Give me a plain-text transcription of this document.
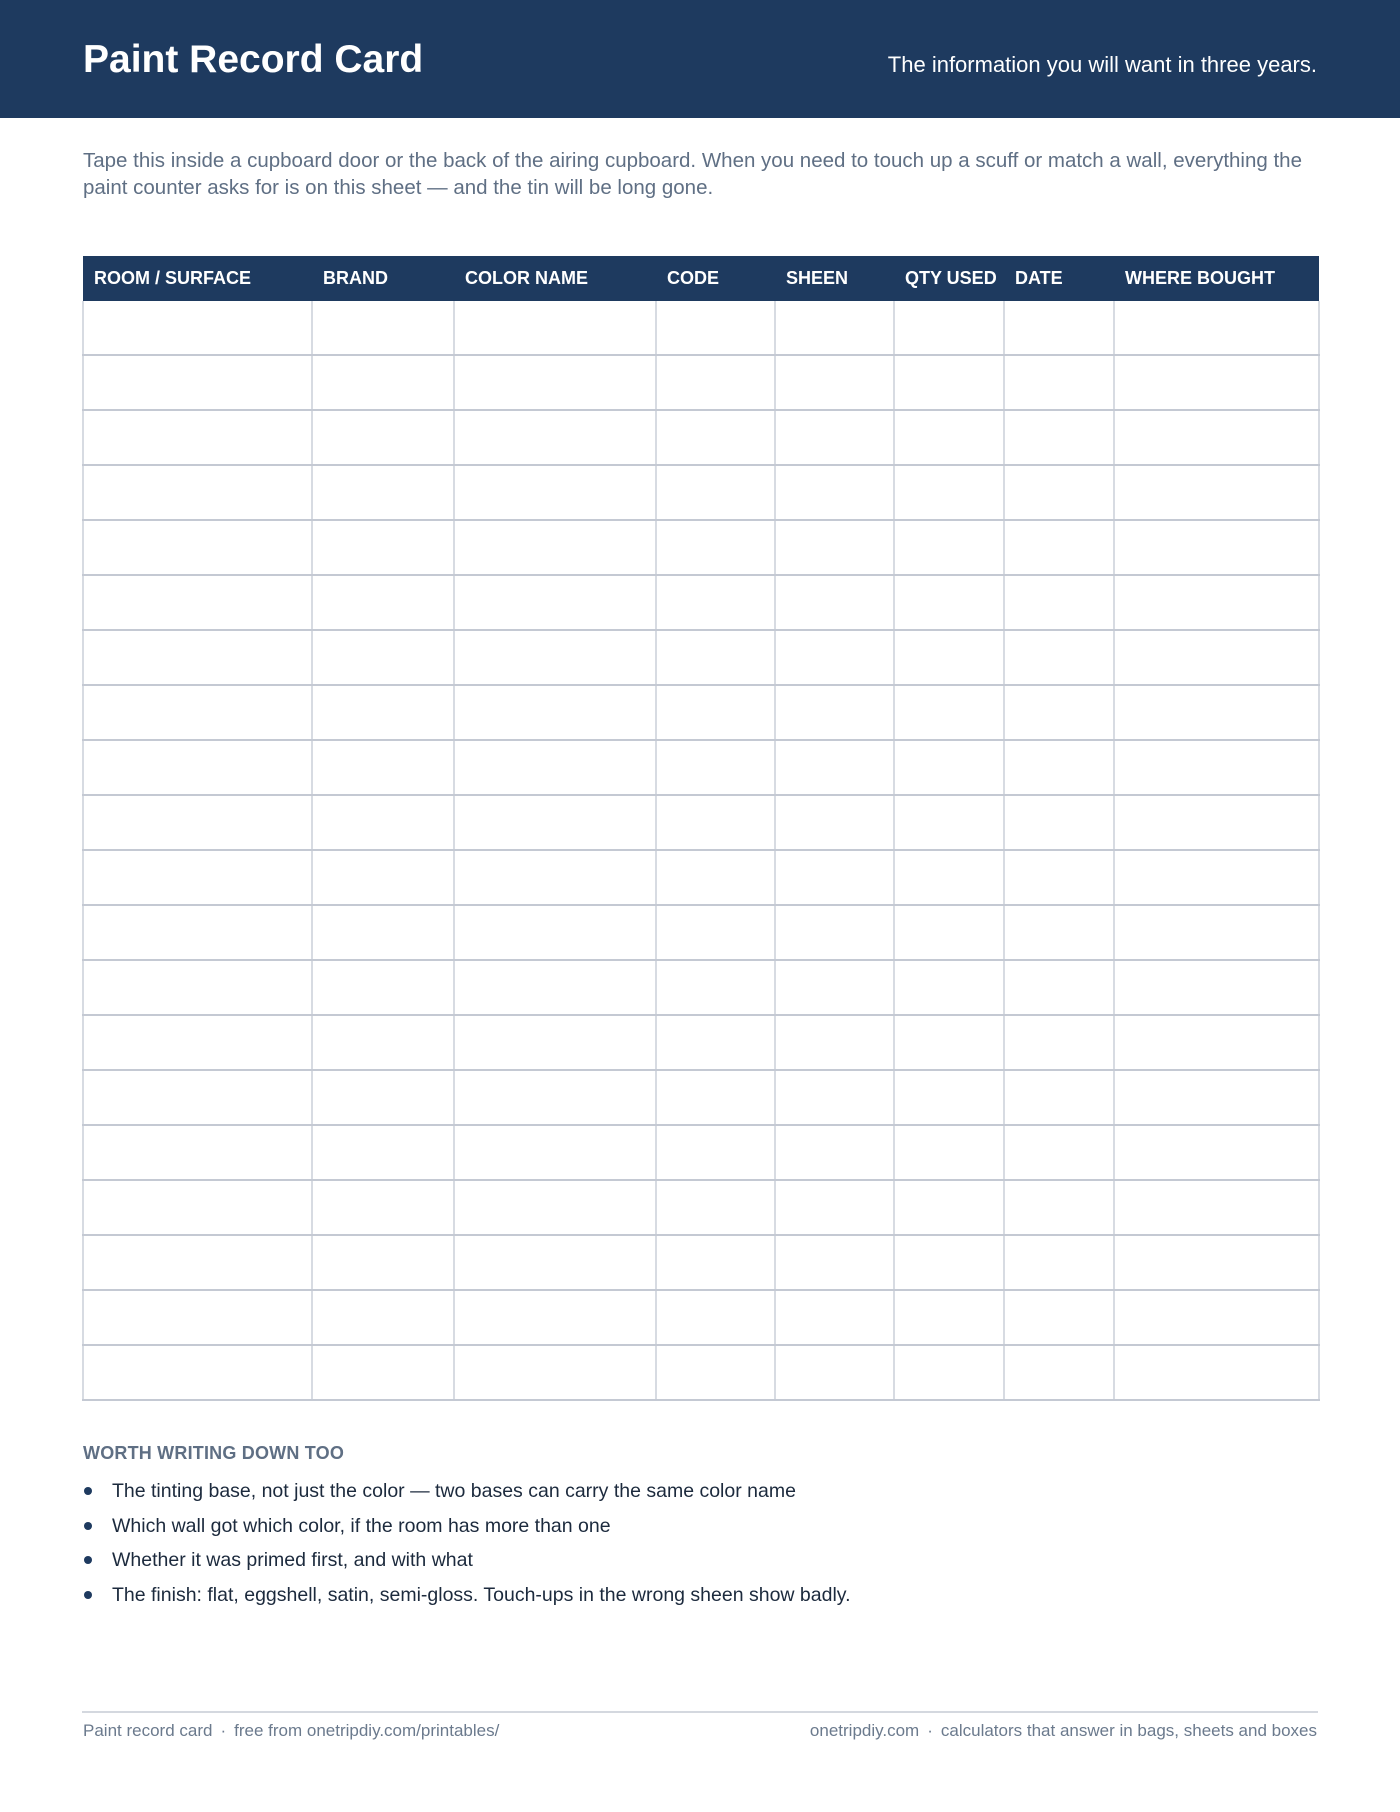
Paint Record Card	The information you will want in three years.
Tape this inside a cupboard door or the back of the airing cupboard. When you need to touch up a scuff or match a wall, everything the paint counter asks for is on this sheet — and the tin will be long gone.
ROOM / SURFACE	BRAND	COLOR NAME	CODE	SHEEN	QTY USED	DATE	WHERE BOUGHT

WORTH WRITING DOWN TOO
The tinting base, not just the color — two bases can carry the same color name
Which wall got which color, if the room has more than one
Whether it was primed first, and with what
The finish: flat, eggshell, satin, semi-gloss. Touch-ups in the wrong sheen show badly.
Paint record card · free from onetripdiy.com/printables/	onetripdiy.com · calculators that answer in bags, sheets and boxes
